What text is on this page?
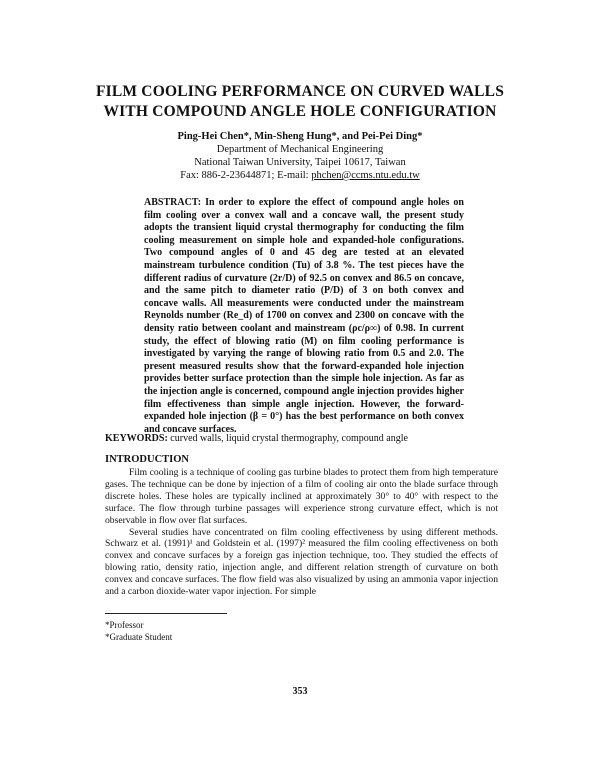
FILM COOLING PERFORMANCE ON CURVED WALLS
WITH COMPOUND ANGLE HOLE CONFIGURATION
Ping-Hei Chen*, Min-Sheng Hung*, and Pei-Pei Ding*
Department of Mechanical Engineering
National Taiwan University, Taipei 10617, Taiwan
Fax: 886-2-23644871; E-mail: phchen@ccms.ntu.edu.tw
ABSTRACT: In order to explore the effect of compound angle holes on film cooling over a convex wall and a concave wall, the present study adopts the transient liquid crystal thermography for conducting the film cooling measurement on simple hole and expanded-hole configurations. Two compound angles of 0 and 45 deg are tested at an elevated mainstream turbulence condition (Tu) of 3.8 %. The test pieces have the different radius of curvature (2r/D) of 92.5 on convex and 86.5 on concave, and the same pitch to diameter ratio (P/D) of 3 on both convex and concave walls. All measurements were conducted under the mainstream Reynolds number (Re_d) of 1700 on convex and 2300 on concave with the density ratio between coolant and mainstream (ρc/ρ∞) of 0.98. In current study, the effect of blowing ratio (M) on film cooling performance is investigated by varying the range of blowing ratio from 0.5 and 2.0. The present measured results show that the forward-expanded hole injection provides better surface protection than the simple hole injection. As far as the injection angle is concerned, compound angle injection provides higher film effectiveness than simple angle injection. However, the forward-expanded hole injection (β = 0°) has the best performance on both convex and concave surfaces.
KEYWORDS: curved walls, liquid crystal thermography, compound angle
INTRODUCTION

Film cooling is a technique of cooling gas turbine blades to protect them from high temperature gases. The technique can be done by injection of a film of cooling air onto the blade surface through discrete holes. These holes are typically inclined at approximately 30° to 40° with respect to the surface. The flow through turbine passages will experience strong curvature effect, which is not observable in flow over flat surfaces.

Several studies have concentrated on film cooling effectiveness by using different methods. Schwarz et al. (1991)¹ and Goldstein et al. (1997)² measured the film cooling effectiveness on both convex and concave surfaces by a foreign gas injection technique, too. They studied the effects of blowing ratio, density ratio, injection angle, and different relation strength of curvature on both convex and concave surfaces. The flow field was also visualized by using an ammonia vapor injection and a carbon dioxide-water vapor injection. For simple

*Professor
*Graduate Student
353
